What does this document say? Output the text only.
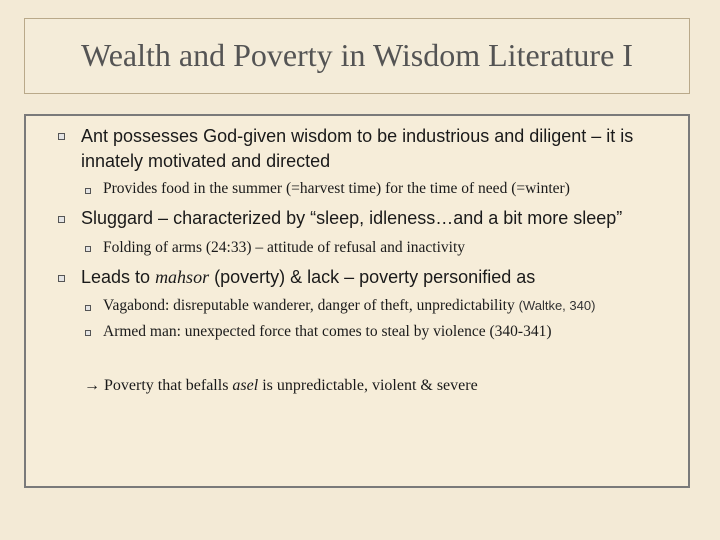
Wealth and Poverty in Wisdom Literature I
Ant possesses God-given wisdom to be industrious and diligent – it is innately motivated and directed
Provides food in the summer (=harvest time) for the time of need (=winter)
Sluggard – characterized by “sleep, idleness…and a bit more sleep”
Folding of arms (24:33) – attitude of refusal and inactivity
Leads to mahsor (poverty) & lack – poverty personified as
Vagabond: disreputable wanderer, danger of theft, unpredictability (Waltke, 340)
Armed man: unexpected force that comes to steal by violence (340-341)
→ Poverty that befalls asel is unpredictable, violent & severe
